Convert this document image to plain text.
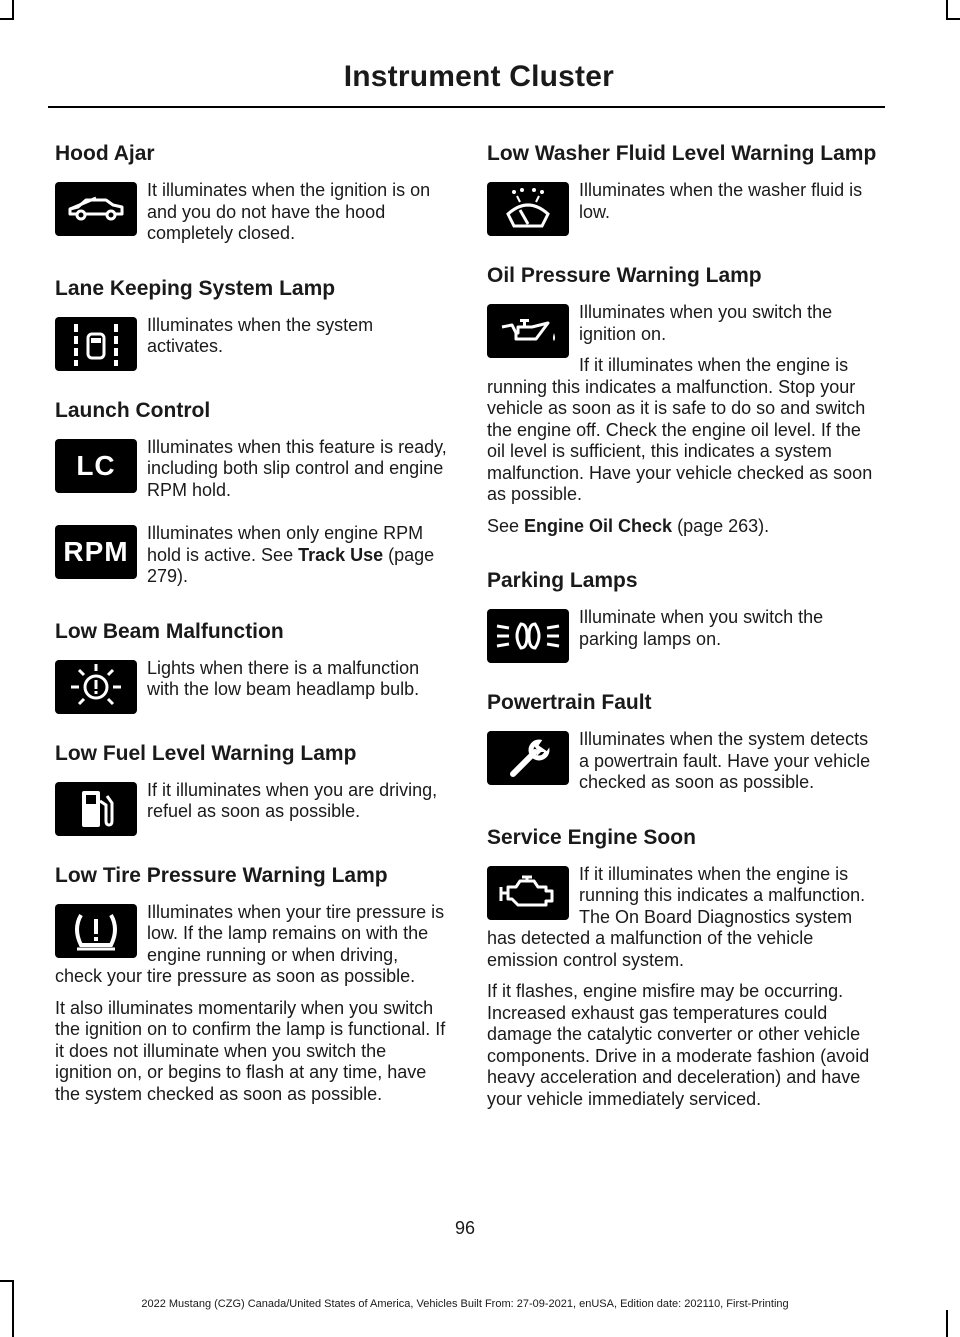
Instrument Cluster
Hood Ajar

It illuminates when the ignition is on and you do not have the hood completely closed.

Lane Keeping System Lamp

Illuminates when the system activates.

Launch Control
LC

Illuminates when this feature is ready, including both slip control and engine RPM hold.

RPM

Illuminates when only engine RPM hold is active. See Track Use (page 279).

Low Beam Malfunction

Lights when there is a malfunction with the low beam headlamp bulb.

Low Fuel Level Warning Lamp

If it illuminates when you are driving, refuel as soon as possible.

Low Tire Pressure Warning Lamp

Illuminates when your tire pressure is low. If the lamp remains on with the engine running or when driving, check your tire pressure as soon as possible.

It also illuminates momentarily when you switch the ignition on to confirm the lamp is functional. If it does not illuminate when you switch the ignition on, or begins to flash at any time, have the system checked as soon as possible.

Low Washer Fluid Level Warning Lamp

Illuminates when the washer fluid is low.

Oil Pressure Warning Lamp

Illuminates when you switch the ignition on.

If it illuminates when the engine is running this indicates a malfunction. Stop your vehicle as soon as it is safe to do so and switch the engine off. Check the engine oil level. If the oil level is sufficient, this indicates a system malfunction. Have your vehicle checked as soon as possible.

See Engine Oil Check (page 263).

Parking Lamps

Illuminate when you switch the parking lamps on.

Powertrain Fault

Illuminates when the system detects a powertrain fault. Have your vehicle checked as soon as possible.

Service Engine Soon

If it illuminates when the engine is running this indicates a malfunction. The On Board Diagnostics system has detected a malfunction of the vehicle emission control system.

If it flashes, engine misfire may be occurring. Increased exhaust gas temperatures could damage the catalytic converter or other vehicle components. Drive in a moderate fashion (avoid heavy acceleration and deceleration) and have your vehicle immediately serviced.

96
2022 Mustang (CZG) Canada/United States of America, Vehicles Built From: 27-09-2021, enUSA, Edition date: 202110, First-Printing
